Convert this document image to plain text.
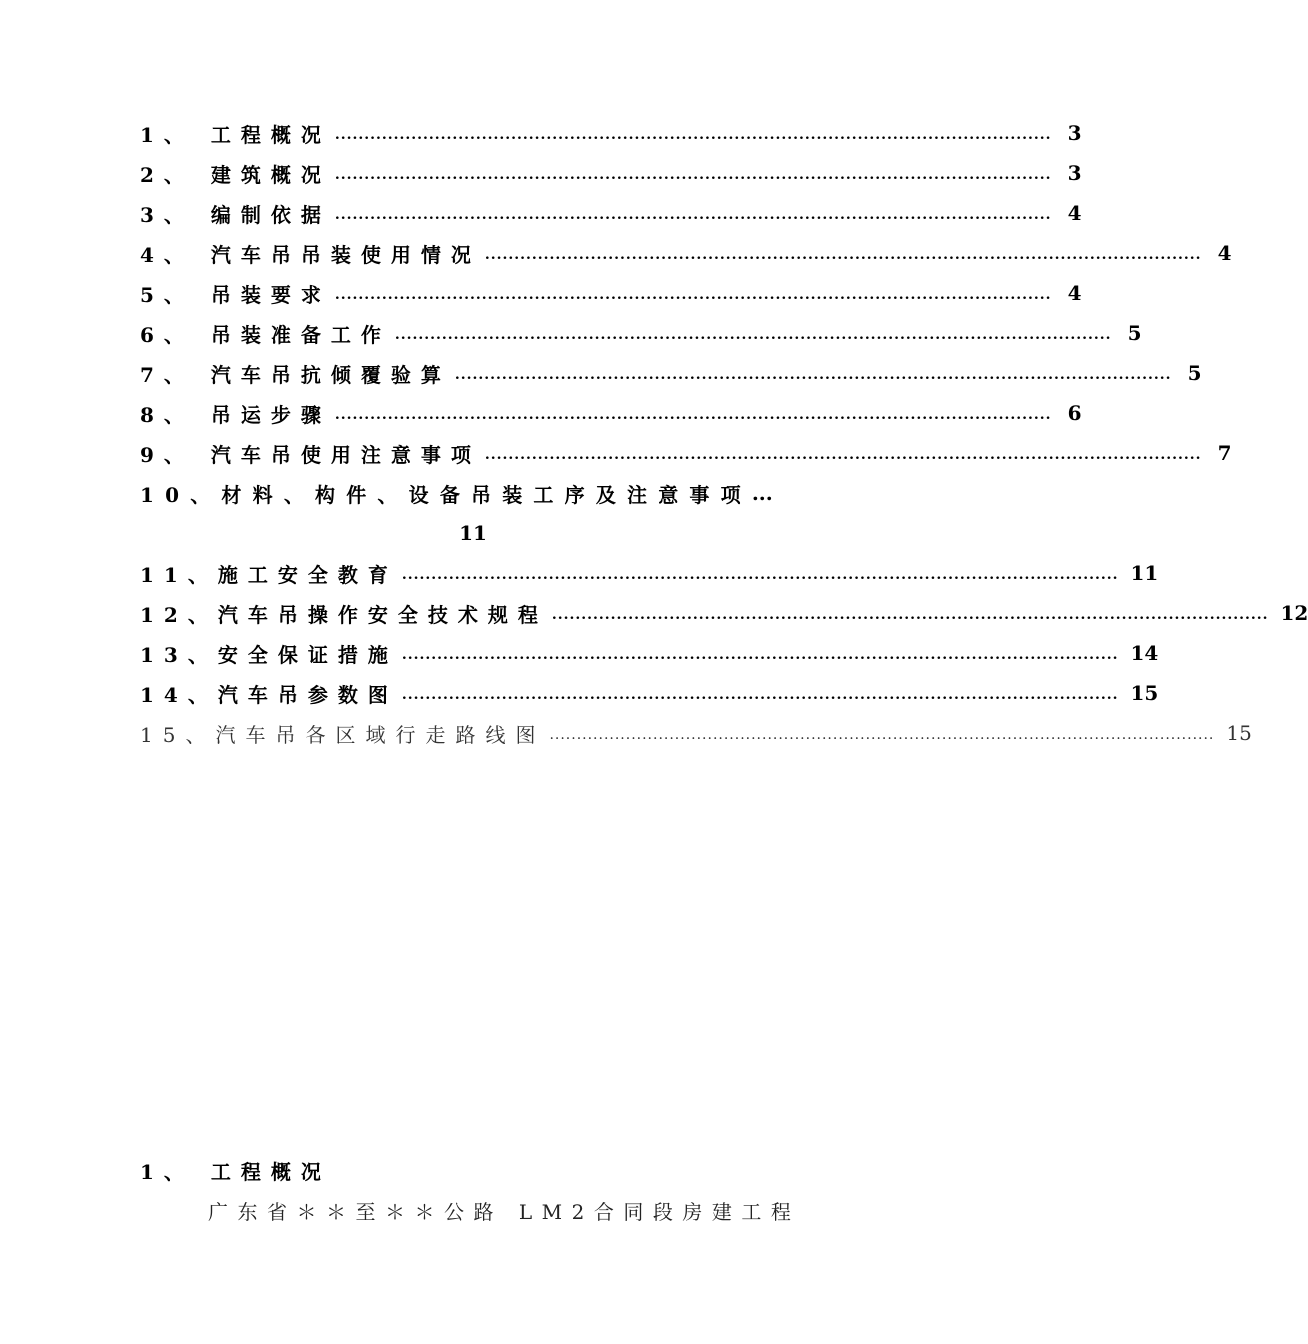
1、 工程概况 .......................................................................................................................... 3
2、 建筑概况 .......................................................................................................................... 3
3、 编制依据 .......................................................................................................................... 4
4、 汽车吊吊装使用情况 .......................................................................................................................... 4
5、 吊装要求 .......................................................................................................................... 4
6、 吊装准备工作 .......................................................................................................................... 5
7、 汽车吊抗倾覆验算 .......................................................................................................................... 5
8、 吊运步骤 .......................................................................................................................... 6
9、 汽车吊使用注意事项 .......................................................................................................................... 7
10、材料、构件、设备吊装工序及注意事项 ...
11
11、施工安全教育 .......................................................................................................................... 11
12、汽车吊操作安全技术规程 .......................................................................................................................... 12
13、安全保证措施 .......................................................................................................................... 14
14、汽车吊参数图 .......................................................................................................................... 15
15、汽车吊各区域行走路线图 .......................................................................................................................... 15
1、 工程概况
广东省＊＊至＊＊公路 LM2合同段房建工程
